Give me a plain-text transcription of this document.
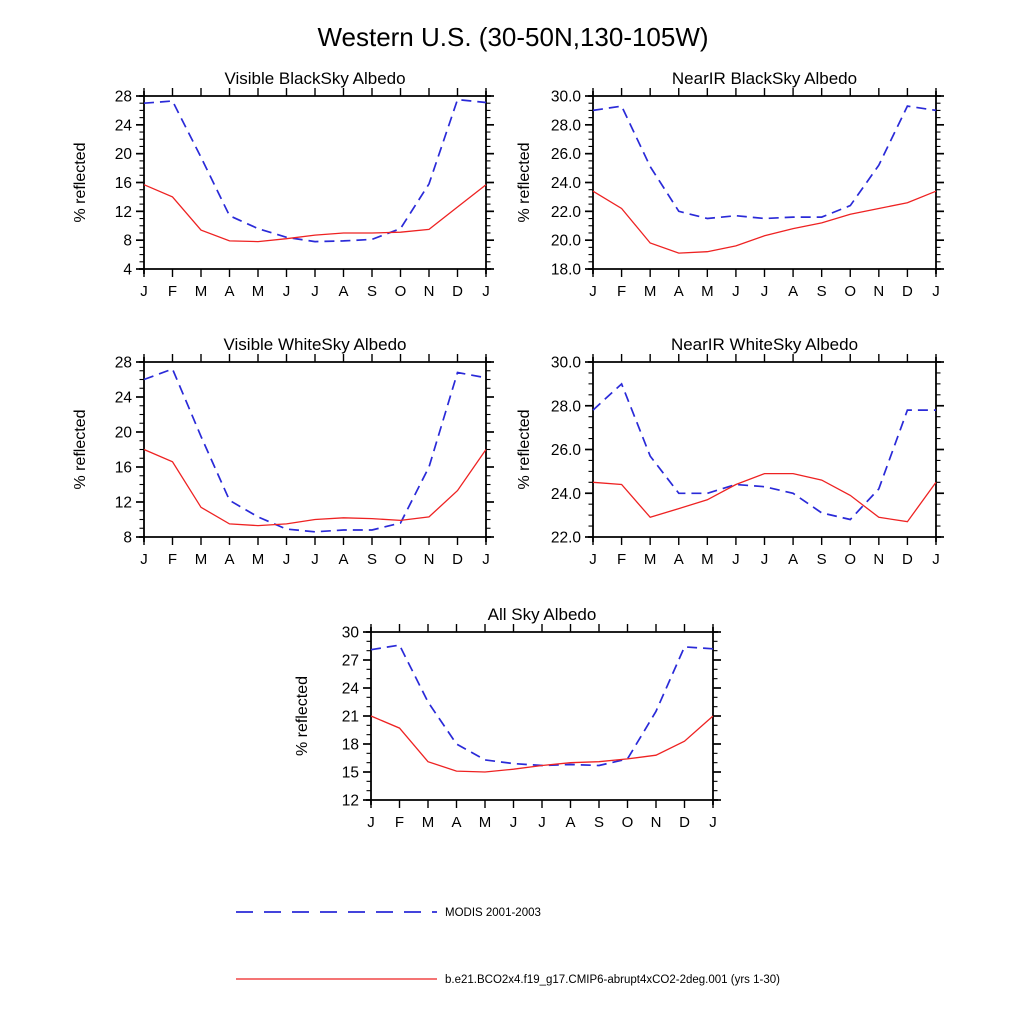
Western U.S. (30-50N,130-105W)
4
8
12
16
20
24
28
J F M A M J J A S O N D J
% reflected
Visible BlackSky Albedo
18.0
20.0
22.0
24.0
26.0
28.0
30.0
J F M A M J J A S O N D J
% reflected
NearIR BlackSky Albedo
8
12
16
20
24
28
J F M A M J J A S O N D J
% reflected
Visible WhiteSky Albedo
22.0
24.0
26.0
28.0
30.0
J F M A M J J A S O N D J
% reflected
NearIR WhiteSky Albedo
12
15
18
21
24
27
30
J F M A M J J A S O N D J
% reflected
All Sky Albedo
MODIS 2001-2003
b.e21.BCO2x4.f19_g17.CMIP6-abrupt4xCO2-2deg.001 (yrs 1-30)
